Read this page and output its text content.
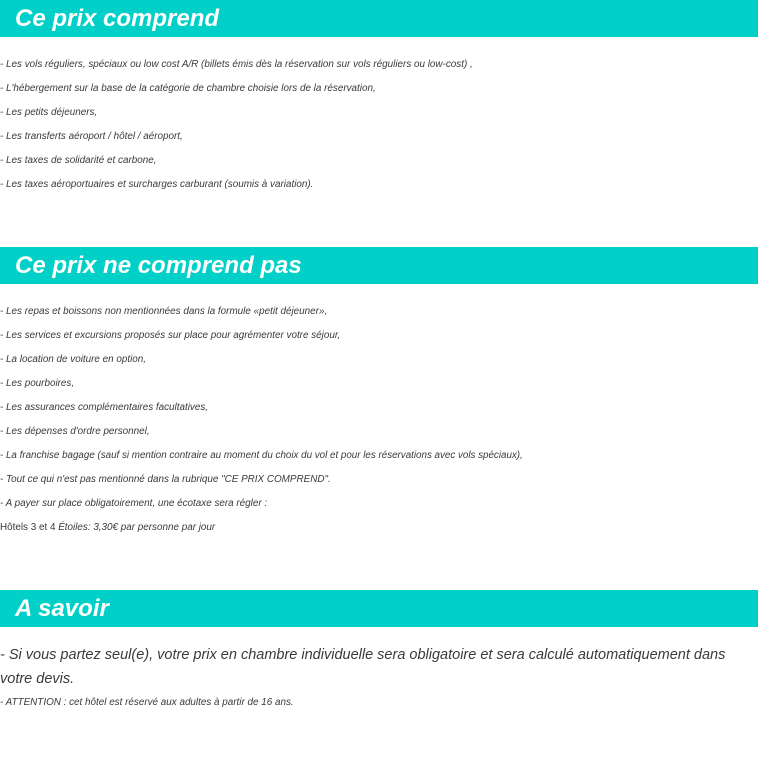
Ce prix comprend
- Les vols réguliers, spéciaux ou low cost A/R (billets émis dès la réservation sur vols réguliers ou low-cost) ,
- L'hébergement sur la base de la catégorie de chambre choisie lors de la réservation,
- Les petits déjeuners,
- Les transferts aéroport / hôtel / aéroport,
- Les taxes de solidarité et carbone,
- Les taxes aéroportuaires et surcharges carburant (soumis à variation).
Ce prix ne comprend pas
- Les repas et boissons non mentionnées dans la formule «petit déjeuner»,
- Les services et excursions proposés sur place pour agrémenter votre séjour,
- La location de voiture en option,
- Les pourboires,
- Les assurances complémentaires facultatives,
- Les dépenses d'ordre personnel,
- La franchise bagage (sauf si mention contraire au moment du choix du vol et pour les réservations avec vols spéciaux),
- Tout ce qui n'est pas mentionné dans la rubrique "CE PRIX COMPREND".
- A payer sur place obligatoirement, une écotaxe sera régler :
Hôtels 3 et 4 Étoiles: 3,30€ par personne par jour
A savoir
- Si vous partez seul(e), votre prix en chambre individuelle sera obligatoire et sera calculé automatiquement dans votre devis.
- ATTENTION : cet hôtel est réservé aux adultes à partir de 16 ans.
